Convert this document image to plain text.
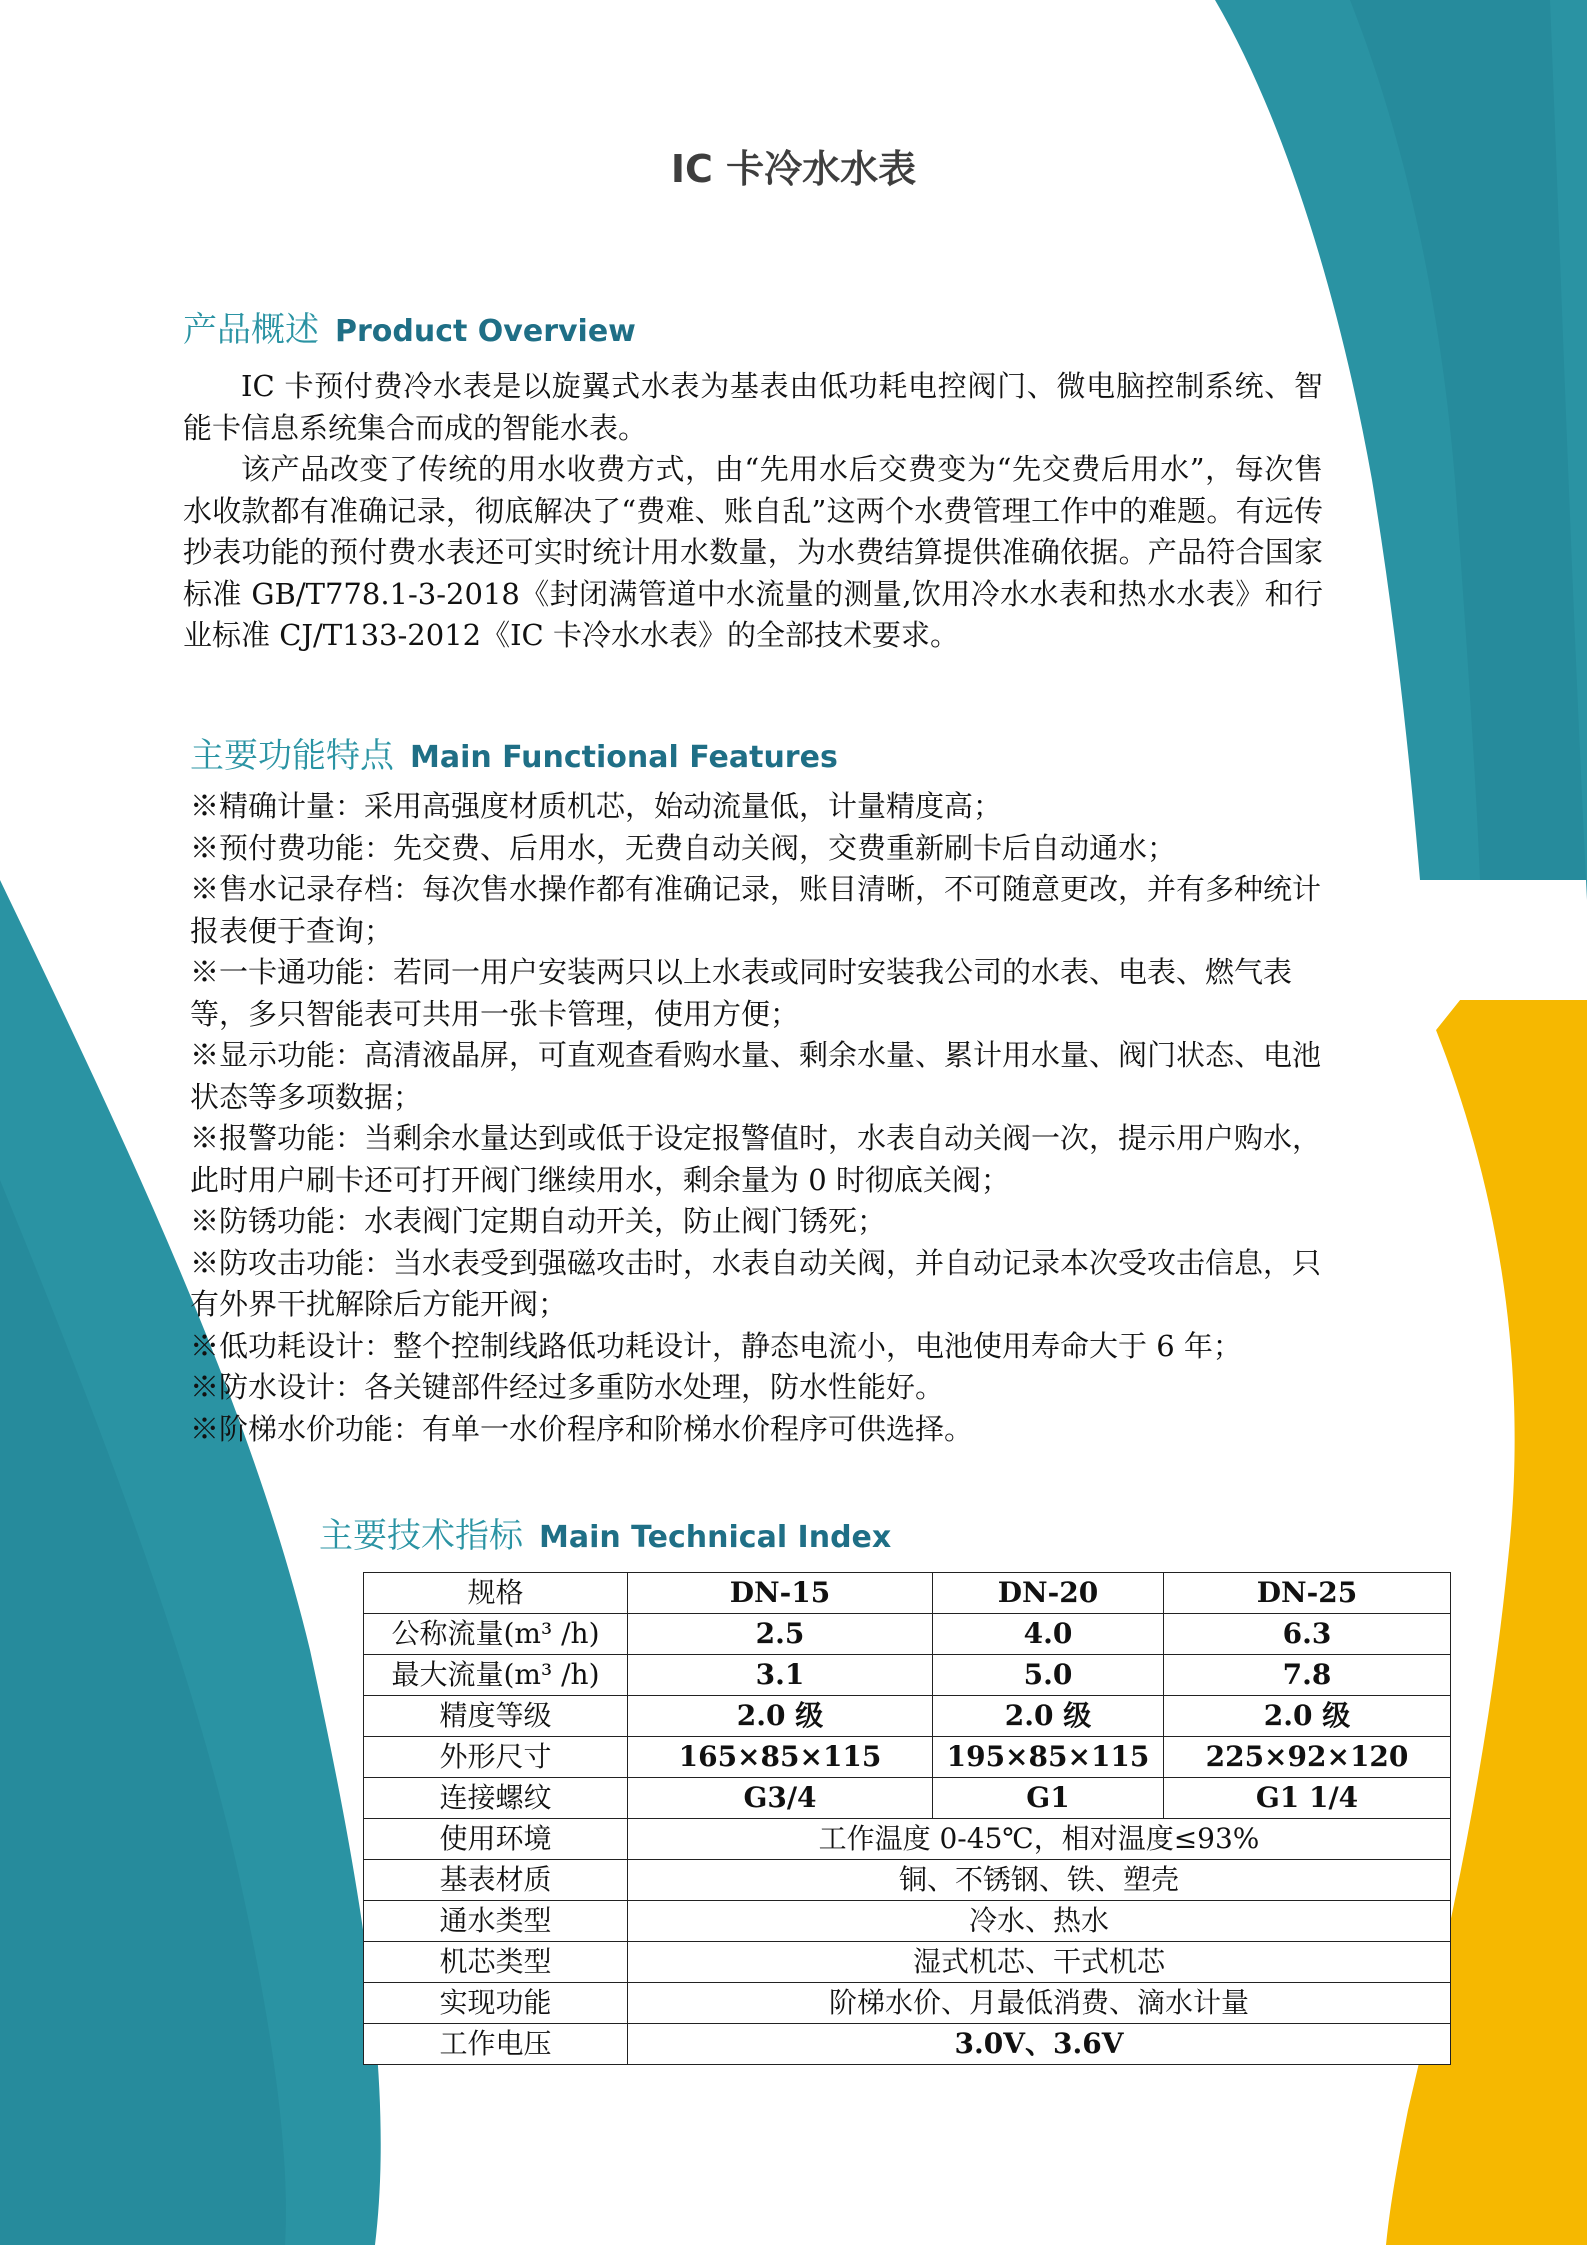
IC 卡冷水水表
产品概述 Product Overview

IC 卡预付费冷水表是以旋翼式水表为基表由低功耗电控阀门、微电脑控制系统、智能卡信息系统集合而成的智能水表。

该产品改变了传统的用水收费方式，由“先用水后交费变为“先交费后用水”，每次售水收款都有准确记录，彻底解决了“费难、账自乱”这两个水费管理工作中的难题。有远传抄表功能的预付费水表还可实时统计用水数量，为水费结算提供准确依据。产品符合国家标准 GB/T778.1-3-2018《封闭满管道中水流量的测量,饮用冷水水表和热水水表》和行业标准 CJ/T133-2012《IC 卡冷水水表》的全部技术要求。

主要功能特点 Main Functional Features
※精确计量：采用高强度材质机芯，始动流量低，计量精度高；
※预付费功能：先交费、后用水，无费自动关阀，交费重新刷卡后自动通水；
※售水记录存档：每次售水操作都有准确记录，账目清晰，不可随意更改，并有多种统计报表便于查询；
※一卡通功能：若同一用户安装两只以上水表或同时安装我公司的水表、电表、燃气表等，多只智能表可共用一张卡管理，使用方便；
※显示功能：高清液晶屏，可直观查看购水量、剩余水量、累计用水量、阀门状态、电池状态等多项数据；
※报警功能：当剩余水量达到或低于设定报警值时，水表自动关阀一次，提示用户购水，此时用户刷卡还可打开阀门继续用水，剩余量为 0 时彻底关阀；
※防锈功能：水表阀门定期自动开关，防止阀门锈死；
※防攻击功能：当水表受到强磁攻击时，水表自动关阀，并自动记录本次受攻击信息，只有外界干扰解除后方能开阀；
※低功耗设计：整个控制线路低功耗设计，静态电流小，电池使用寿命大于 6 年；
※防水设计：各关键部件经过多重防水处理，防水性能好。
※阶梯水价功能：有单一水价程序和阶梯水价程序可供选择。
主要技术指标 Main Technical Index
规格	DN-15	DN-20	DN-25
公称流量(m³ /h)	2.5	4.0	6.3
最大流量(m³ /h)	3.1	5.0	7.8
精度等级	2.0 级	2.0 级	2.0 级
外形尺寸	165×85×115	195×85×115	225×92×120
连接螺纹	G3/4	G1	G1 1/4
使用环境	工作温度 0-45℃，相对温度≤93%		
基表材质	铜、不锈钢、铁、塑壳		
通水类型	冷水、热水		
机芯类型	湿式机芯、干式机芯		
实现功能	阶梯水价、月最低消费、滴水计量		
工作电压	3.0V、3.6V		
